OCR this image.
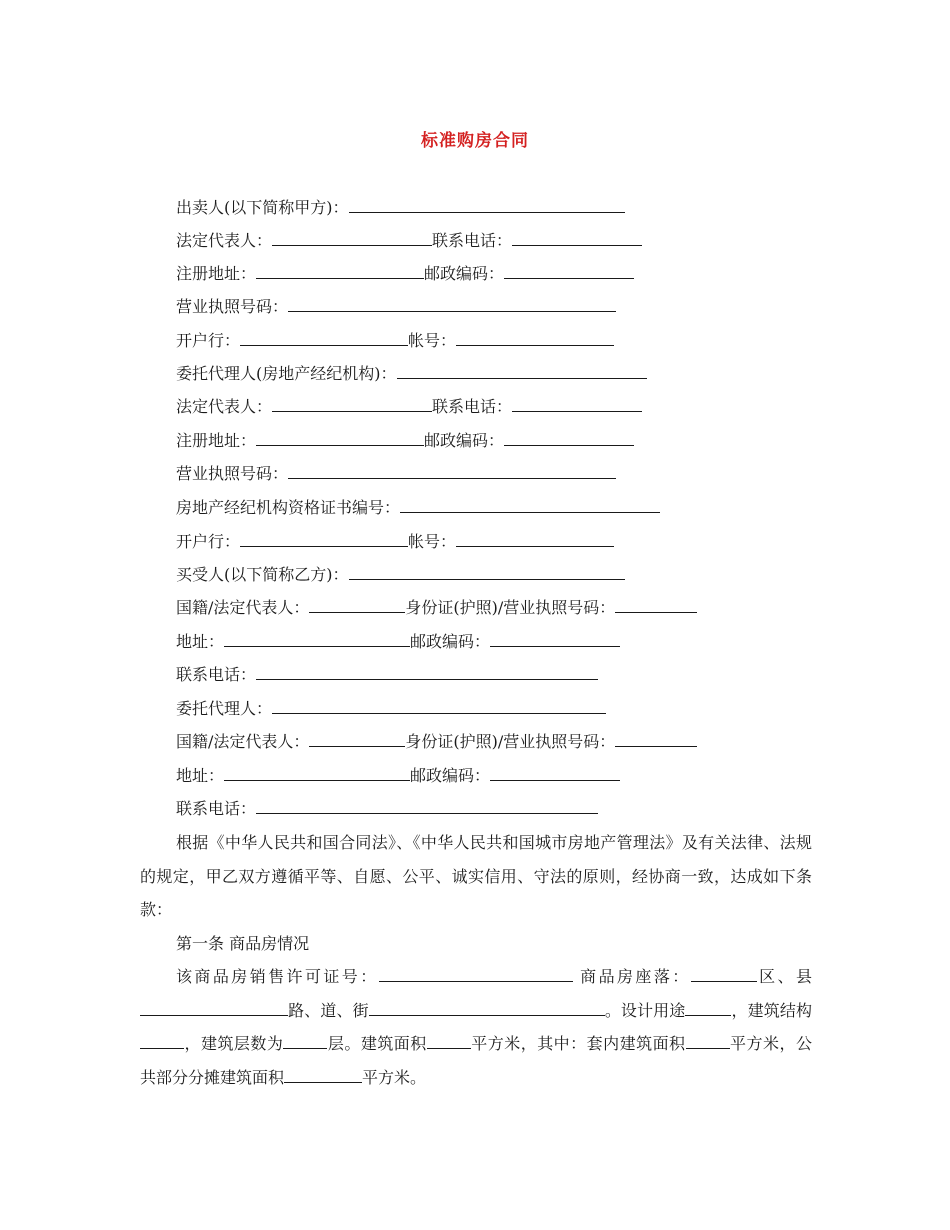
标准购房合同
出卖人(以下简称甲方)：
法定代表人：	联系电话：
注册地址：	邮政编码：
营业执照号码：
开户行：	帐号：
委托代理人(房地产经纪机构)：
法定代表人：	联系电话：
注册地址：	邮政编码：
营业执照号码：
房地产经纪机构资格证书编号：
开户行：	帐号：
买受人(以下简称乙方)：
国籍/法定代表人：	身份证(护照)/营业执照号码：
地址：	邮政编码：
联系电话：
委托代理人：
国籍/法定代表人：	身份证(护照)/营业执照号码：
地址：	邮政编码：
联系电话：
根据《中华人民共和国合同法》、《中华人民共和国城市房地产管理法》及有关法律、法规的规定，甲乙双方遵循平等、自愿、公平、诚实信用、守法的原则，经协商一致，达成如下条款：
第一条 商品房情况
该商品房销售许可证号：	商品房座落：	区、县路、道、街	。设计用途	，建筑结构，建筑层数为	层。建筑面积	平方米，其中：套内建筑面积	平方米，公共部分分摊建筑面积	平方米。
